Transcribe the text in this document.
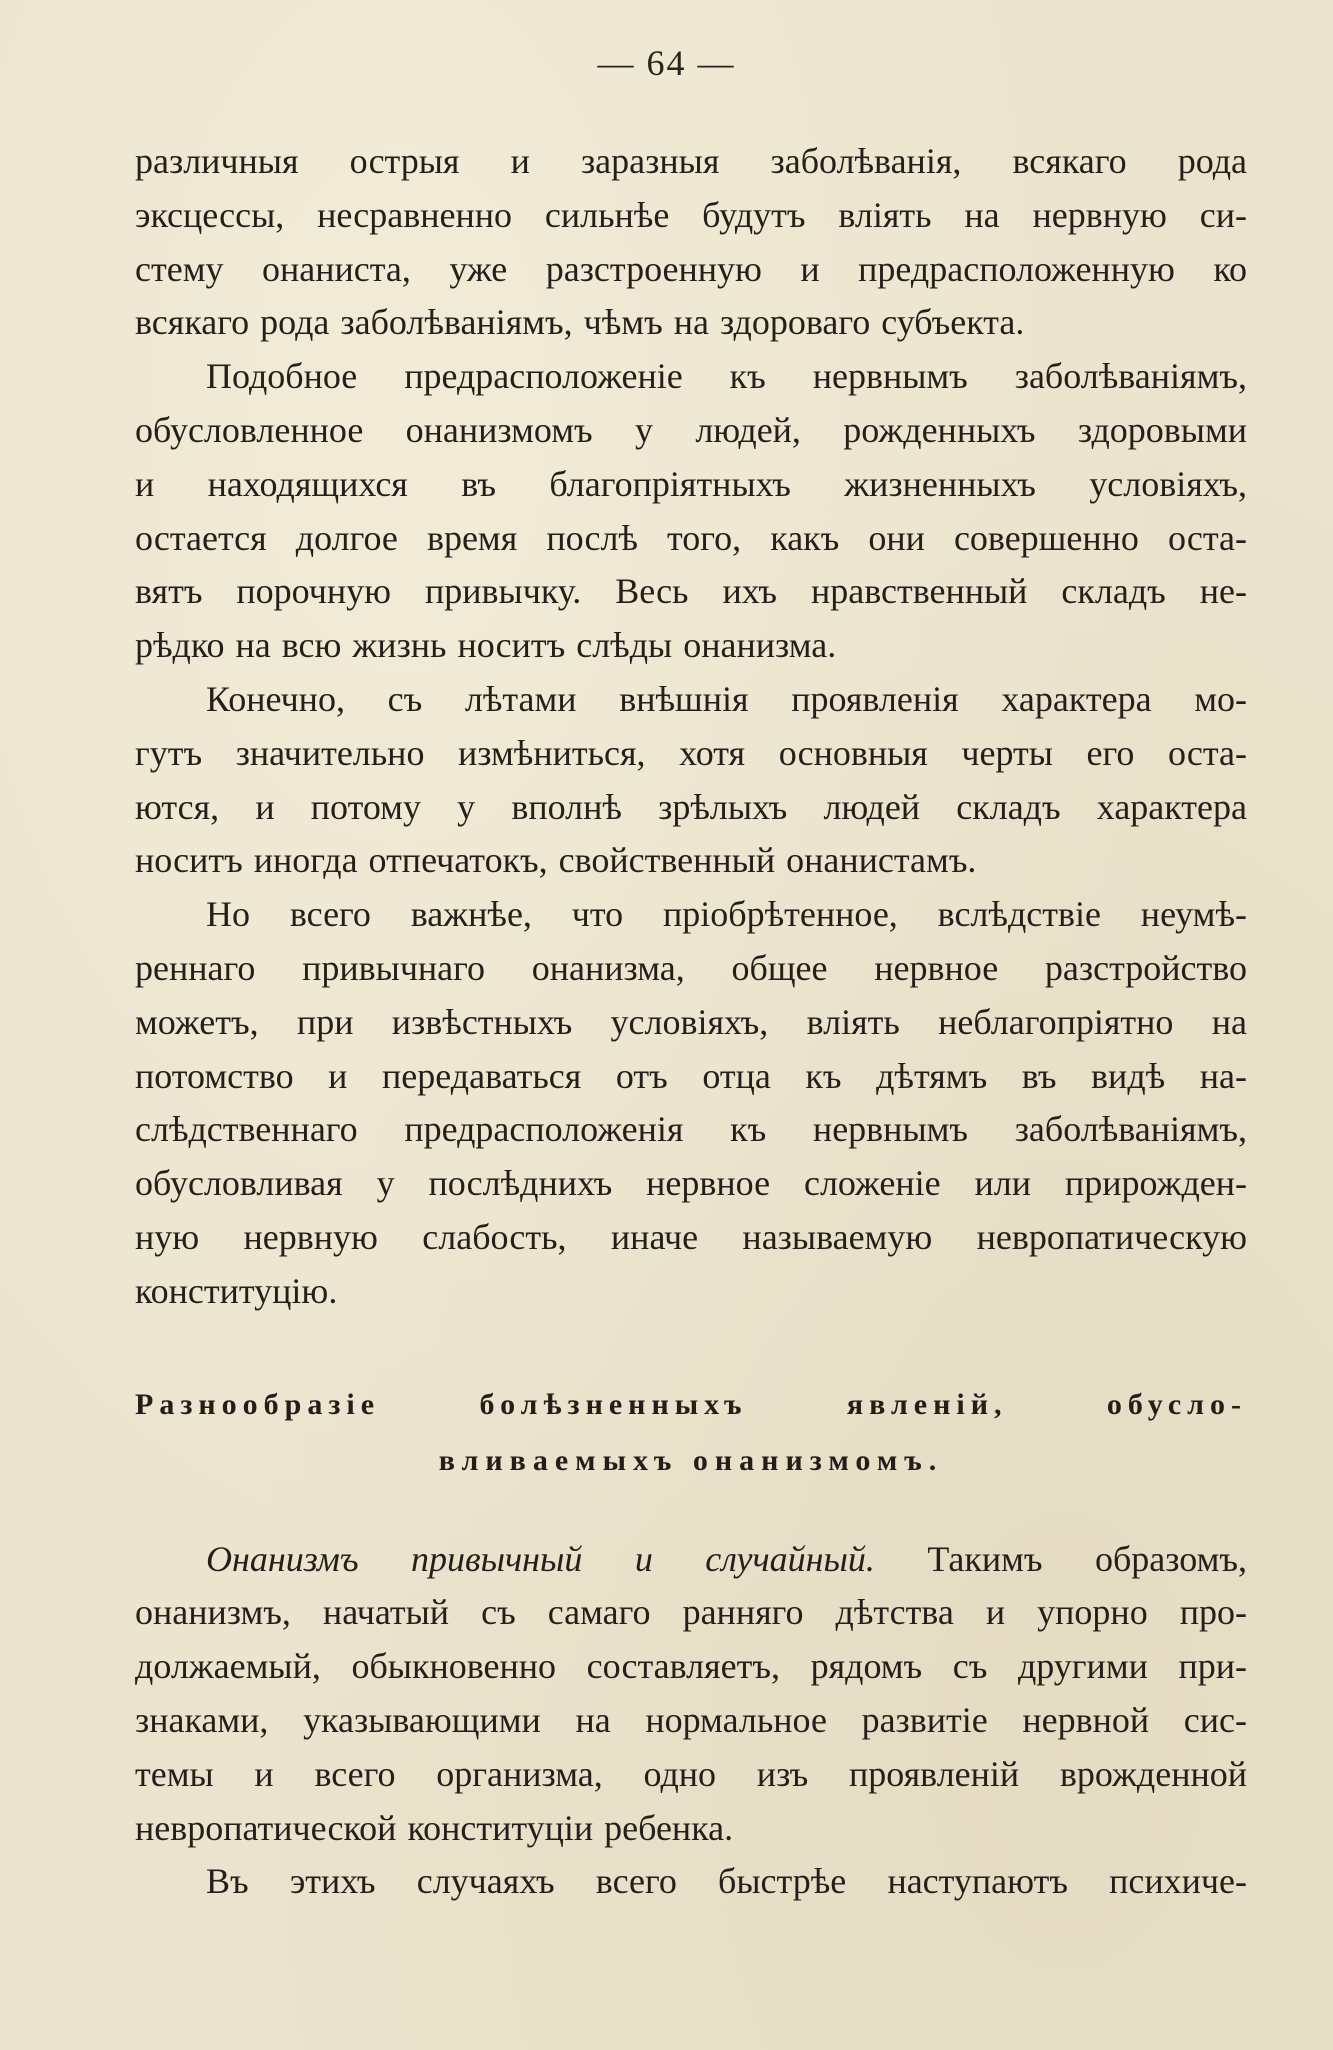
— 64 —

различныя острыя и заразныя заболѣванія, всякаго рода
эксцессы, несравненно сильнѣе будутъ влiять на нервную си-
стему онаниста, уже разстроенную и предрасположенную ко
всякаго рода заболѣваніямъ, чѣмъ на здороваго субъекта.

Подобное предрасположеніе къ нервнымъ заболѣваніямъ,
обусловленное онанизмомъ у людей, рожденныхъ здоровыми
и находящихся въ благопріятныхъ жизненныхъ условіяхъ,
остается долгое время послѣ того, какъ они совершенно оста-
вятъ порочную привычку. Весь ихъ нравственный складъ не-
рѣдко на всю жизнь носитъ слѣды онанизма.

Конечно, съ лѣтами внѣшнія проявленія характера мо-
гутъ значительно измѣниться, хотя основныя черты его оста-
ются, и потому у вполнѣ зрѣлыхъ людей складъ характера
носитъ иногда отпечатокъ, свойственный онанистамъ.

Но всего важнѣе, что пріобрѣтенное, вслѣдствіе неумѣ-
реннаго привычнаго онанизма, общее нервное разстройство
можетъ, при извѣстныхъ условіяхъ, влiять неблагопріятно на
потомство и передаваться отъ отца къ дѣтямъ въ видѣ на-
слѣдственнаго предрасположенія къ нервнымъ заболѣваніямъ,
обусловливая у послѣднихъ нервное сложеніе или прирожден-
ную нервную слабость, иначе называемую невропатическую
конституцію.

Разнообразіе болѣзненныхъ явленій, обусло-
вливаемыхъ онанизмомъ.

Онанизмъ привычный и случайный. Такимъ образомъ,
онанизмъ, начатый съ самаго ранняго дѣтства и упорно про-
должаемый, обыкновенно составляетъ, рядомъ съ другими при-
знаками, указывающими на нормальное развитіе нервной сис-
темы и всего организма, одно изъ проявленій врожденной
невропатической конституціи ребенка.

Въ этихъ случаяхъ всего быстрѣе наступаютъ психиче-
